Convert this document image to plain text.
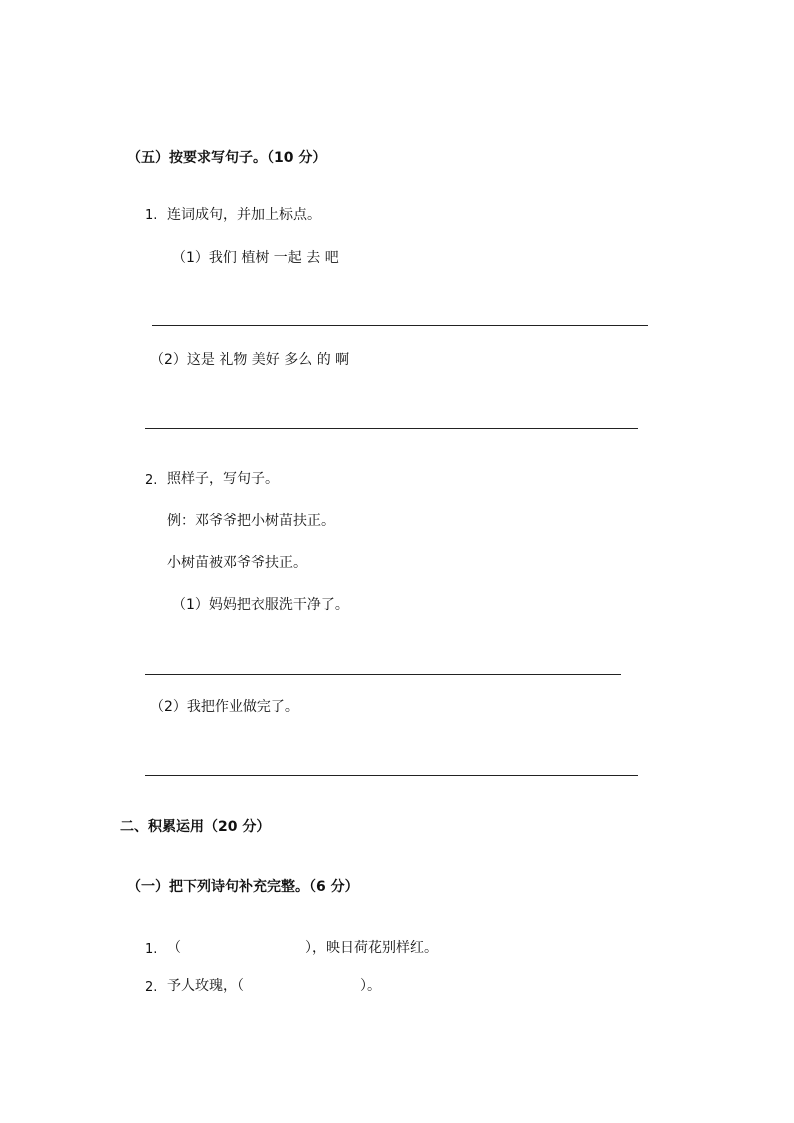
（五）按要求写句子。（10 分）
1. 连词成句，并加上标点。
（1）我们 植树 一起 去 吧
（2）这是 礼物 美好 多么 的 啊
2. 照样子，写句子。
例：邓爷爷把小树苗扶正。
小树苗被邓爷爷扶正。
（1）妈妈把衣服洗干净了。
（2）我把作业做完了。
二、积累运用（20 分）
（一）把下列诗句补充完整。（6 分）
1. （	），映日荷花别样红。
2. 予人玫瑰，（	）。
